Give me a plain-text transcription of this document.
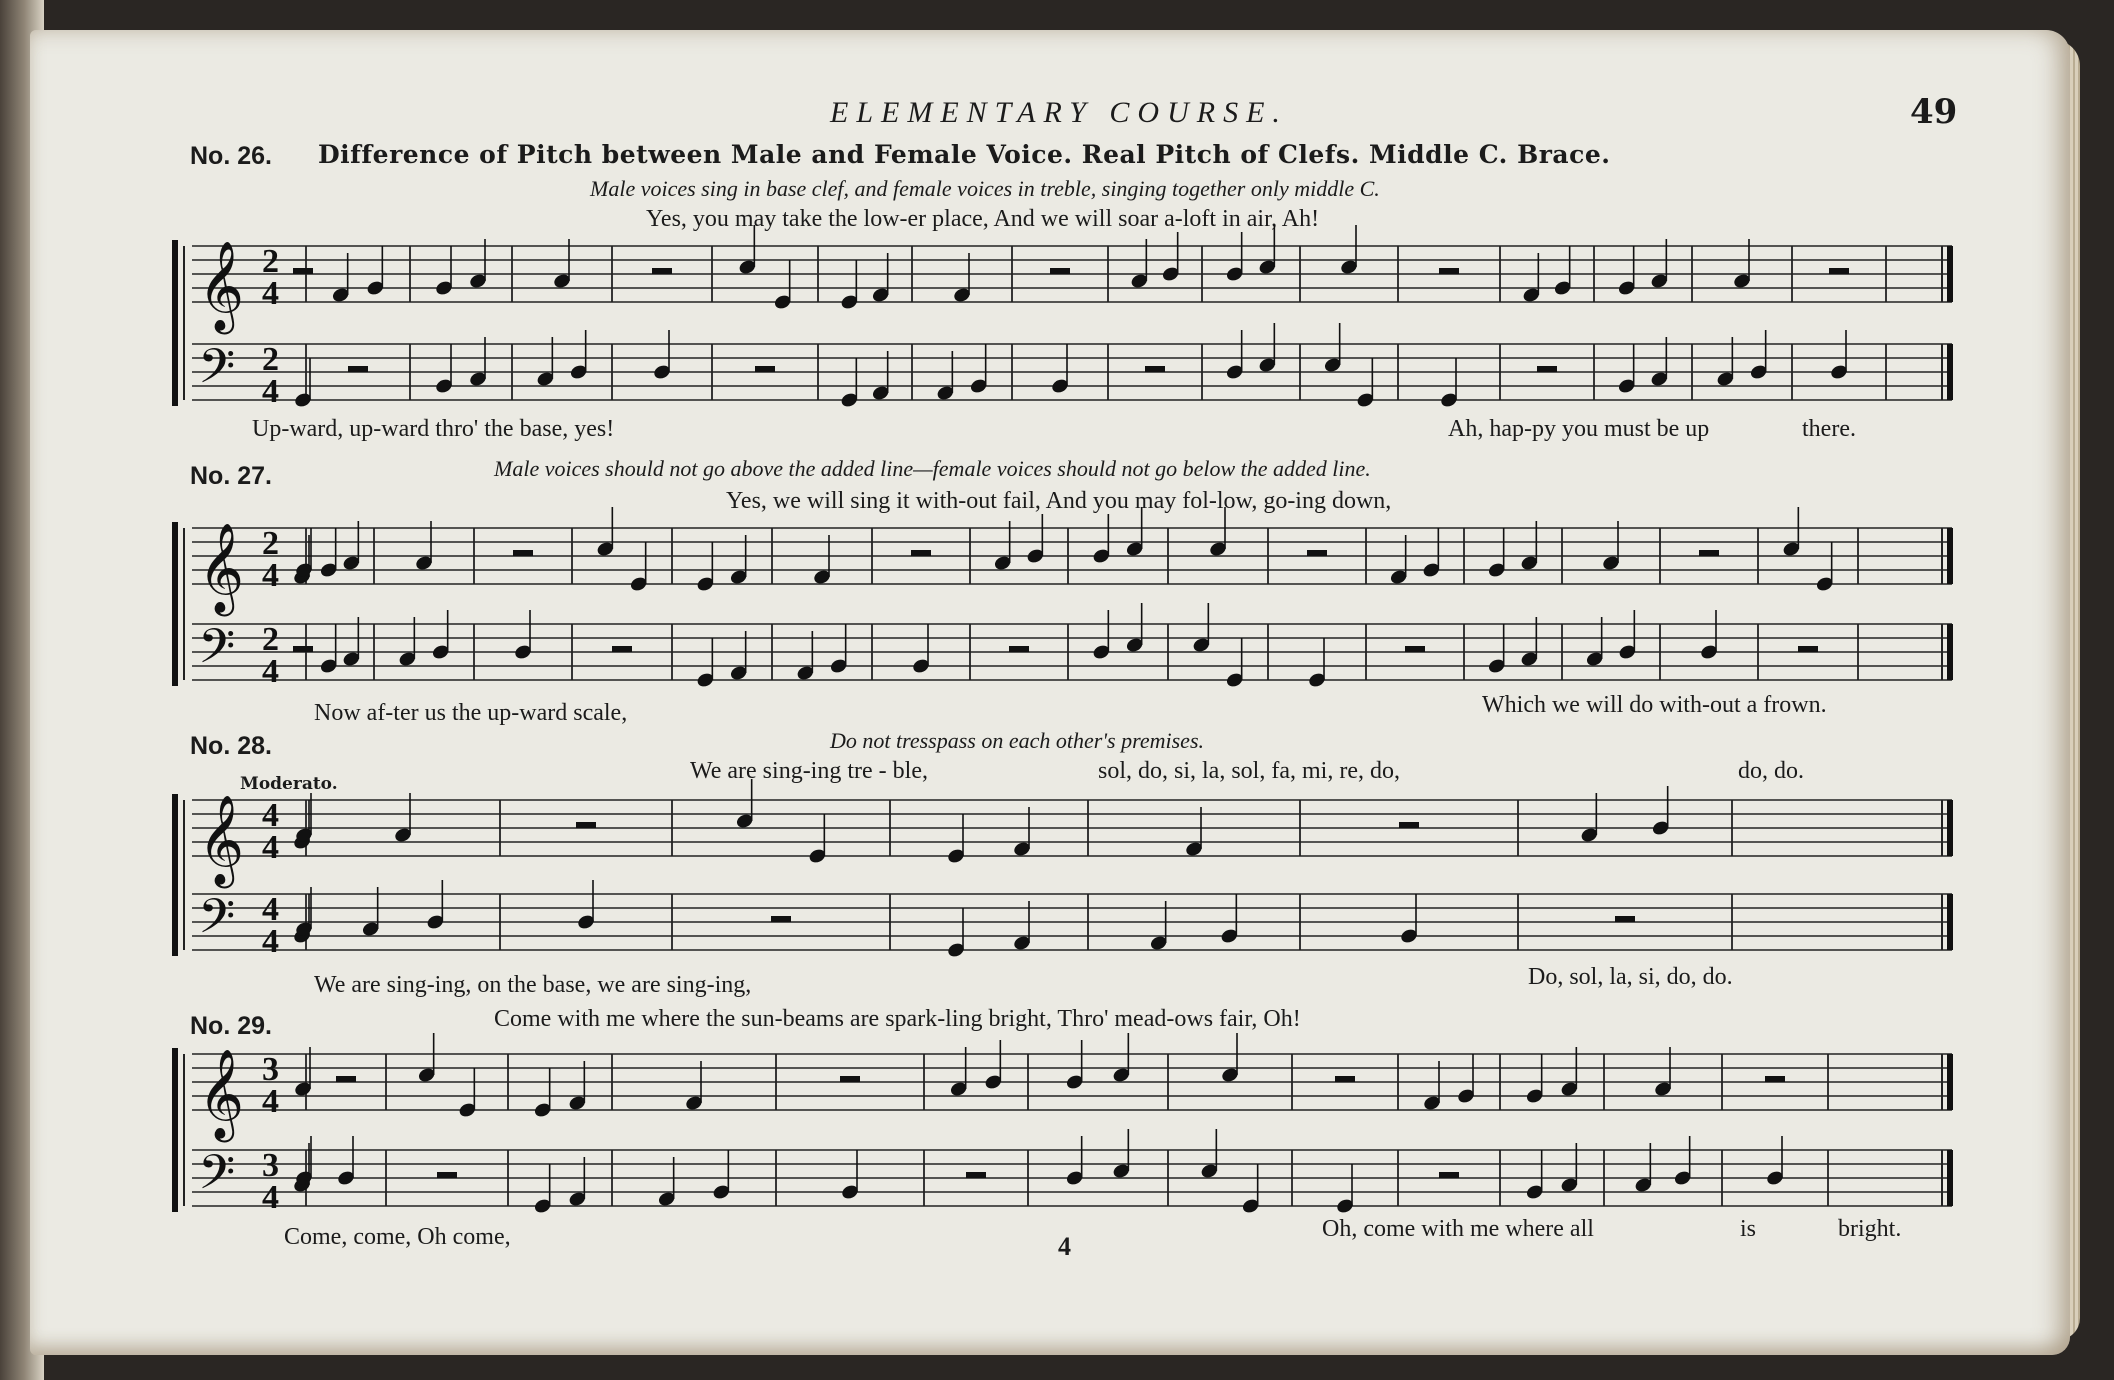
ELEMENTARY COURSE.	49
No. 26. Difference of Pitch between Male and Female Voice. Real Pitch of Clefs. Middle C. Brace.
Male voices sing in base clef, and female voices in treble, singing together only middle C.
Yes, you may take the low-er place, And we will soar a-loft in air, Ah!
Up-ward, up-ward thro' the base, yes!	Ah, hap-py you must be up	there.
No. 27.	Male voices should not go above the added line—female voices should not go below the added line.
Yes, we will sing it with-out fail, And you may fol-low, go-ing down,
Now af-ter us the up-ward scale,	Which we will do with-out a frown.
No. 28.	Do not tresspass on each other's premises.
Moderato.	We are sing-ing tre - ble,	sol, do, si, la, sol, fa, mi, re, do,	do, do.
We are sing-ing, on the base, we are sing-ing,	Do, sol, la, si, do, do.
No. 29.	Come with me where the sun-beams are spark-ling bright, Thro' mead-ows fair, Oh!
Come, come, Oh come,	Oh, come with me where all	is	bright.
4
𝄞 2
4
𝄢 2
4
𝄞 2
4
𝄢 2
4
𝄞 4
4
𝄢 4
4
𝄞 3
4
𝄢 3
4
